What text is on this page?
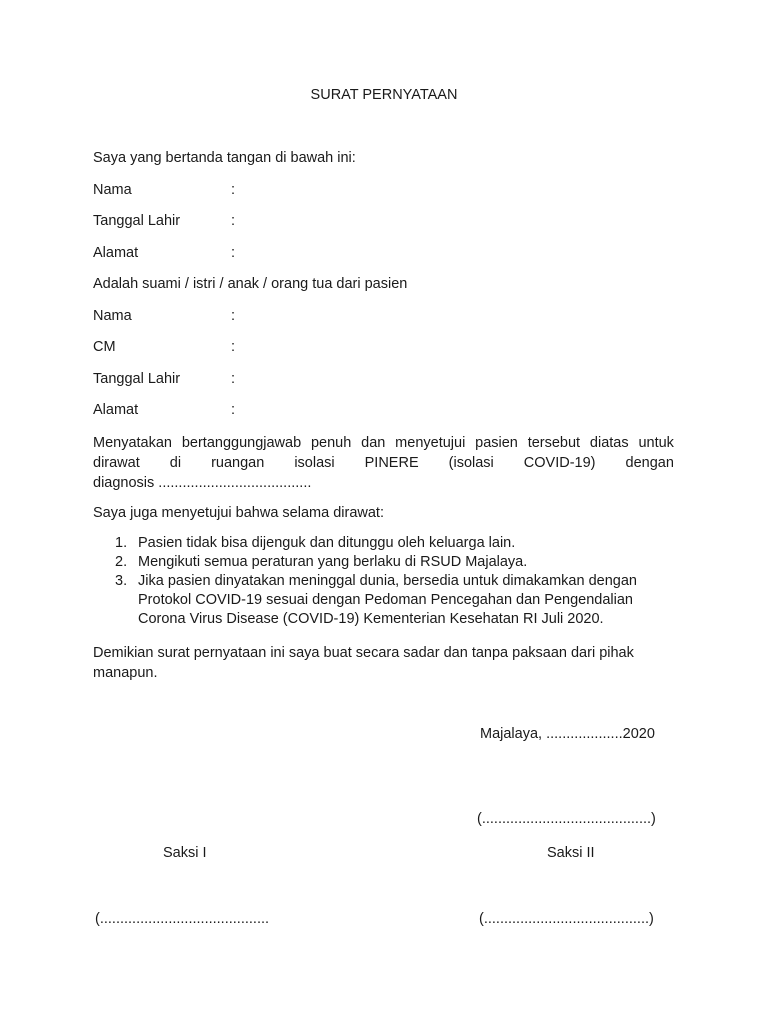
SURAT PERNYATAAN
Saya yang bertanda tangan di bawah ini:
Nama	:
Tanggal Lahir	:
Alamat	:
Adalah suami / istri / anak / orang tua dari pasien
Nama	:
CM	:
Tanggal Lahir	:
Alamat	:
Menyatakan bertanggungjawab penuh dan menyetujui pasien tersebut diatas untuk
dirawat di ruangan isolasi PINERE (isolasi COVID-19) dengan
diagnosis ......................................
Saya juga menyetujui bahwa selama dirawat:
1. Pasien tidak bisa dijenguk dan ditunggu oleh keluarga lain.
2. Mengikuti semua peraturan yang berlaku di RSUD Majalaya.
3. Jika pasien dinyatakan meninggal dunia, bersedia untuk dimakamkan dengan Protokol COVID-19 sesuai dengan Pedoman Pencegahan dan Pengendalian Corona Virus Disease (COVID-19) Kementerian Kesehatan RI Juli 2020.
Demikian surat pernyataan ini saya buat secara sadar dan tanpa paksaan dari pihak manapun.
Majalaya, ...................2020
(..........................................)
Saksi I	Saksi II
(..........................................	(.........................................)
